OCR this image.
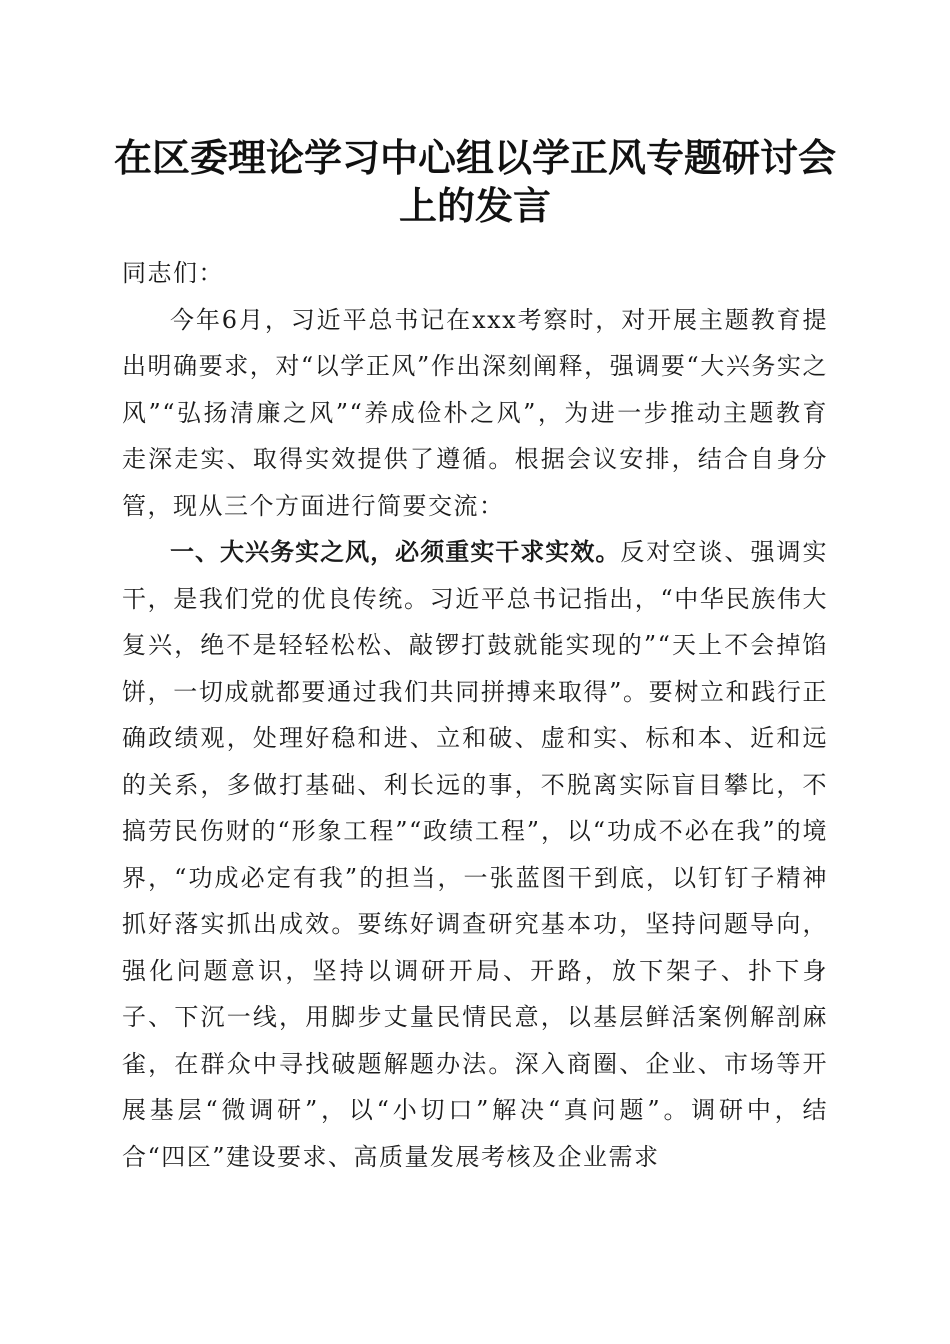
在区委理论学习中心组以学正风专题研讨会上的发言

同志们：

今年6月，习近平总书记在xxx考察时，对开展主题教育提出明确要求，对“以学正风”作出深刻阐释，强调要“大兴务实之风”“弘扬清廉之风”“养成俭朴之风”，为进一步推动主题教育走深走实、取得实效提供了遵循。根据会议安排，结合自身分管，现从三个方面进行简要交流：

一、大兴务实之风，必须重实干求实效。反对空谈、强调实干，是我们党的优良传统。习近平总书记指出，“中华民族伟大复兴，绝不是轻轻松松、敲锣打鼓就能实现的”“天上不会掉馅饼，一切成就都要通过我们共同拼搏来取得”。要树立和践行正确政绩观，处理好稳和进、立和破、虚和实、标和本、近和远的关系，多做打基础、利长远的事，不脱离实际盲目攀比，不搞劳民伤财的“形象工程”“政绩工程”，以“功成不必在我”的境界，“功成必定有我”的担当，一张蓝图干到底，以钉钉子精神抓好落实抓出成效。要练好调查研究基本功，坚持问题导向，强化问题意识，坚持以调研开局、开路，放下架子、扑下身子、下沉一线，用脚步丈量民情民意，以基层鲜活案例解剖麻雀，在群众中寻找破题解题办法。深入商圈、企业、市场等开展基层“微调研”，以“小切口”解决“真问题”。调研中，结合“四区”建设要求、高质量发展考核及企业需求
